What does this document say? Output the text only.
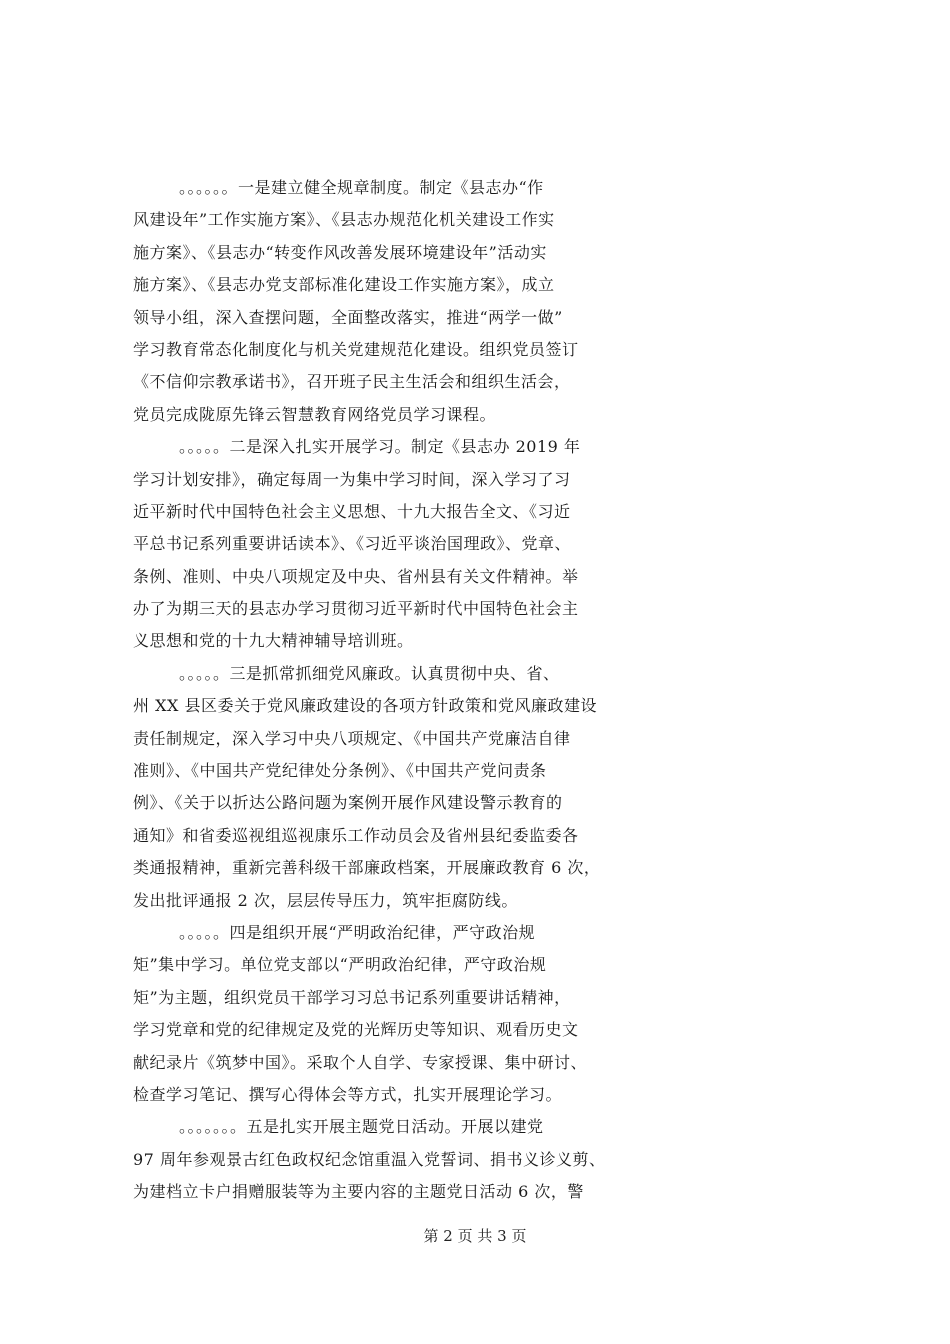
。。。。。。一是建立健全规章制度。制定《县志办“作
风建设年”工作实施方案》、《县志办规范化机关建设工作实
施方案》、《县志办“转变作风改善发展环境建设年”活动实
施方案》、《县志办党支部标准化建设工作实施方案》，成立
领导小组，深入查摆问题，全面整改落实，推进“两学一做”
学习教育常态化制度化与机关党建规范化建设。组织党员签订
《不信仰宗教承诺书》，召开班子民主生活会和组织生活会，
党员完成陇原先锋云智慧教育网络党员学习课程。
。。。。。二是深入扎实开展学习。制定《县志办 2019 年
学习计划安排》，确定每周一为集中学习时间，深入学习了习
近平新时代中国特色社会主义思想、十九大报告全文、《习近
平总书记系列重要讲话读本》、《习近平谈治国理政》、党章、
条例、准则、中央八项规定及中央、省州县有关文件精神。举
办了为期三天的县志办学习贯彻习近平新时代中国特色社会主
义思想和党的十九大精神辅导培训班。
。。。。。三是抓常抓细党风廉政。认真贯彻中央、省、
州 XX 县区委关于党风廉政建设的各项方针政策和党风廉政建设
责任制规定，深入学习中央八项规定、《中国共产党廉洁自律
准则》、《中国共产党纪律处分条例》、《中国共产党问责条
例》、《关于以折达公路问题为案例开展作风建设警示教育的
通知》和省委巡视组巡视康乐工作动员会及省州县纪委监委各
类通报精神，重新完善科级干部廉政档案，开展廉政教育 6 次，
发出批评通报 2 次，层层传导压力，筑牢拒腐防线。
。。。。。四是组织开展“严明政治纪律，严守政治规
矩”集中学习。单位党支部以“严明政治纪律，严守政治规
矩”为主题，组织党员干部学习习总书记系列重要讲话精神，
学习党章和党的纪律规定及党的光辉历史等知识、观看历史文
献纪录片《筑梦中国》。采取个人自学、专家授课、集中研讨、
检查学习笔记、撰写心得体会等方式，扎实开展理论学习。
。。。。。。。五是扎实开展主题党日活动。开展以建党
97 周年参观景古红色政权纪念馆重温入党誓词、捐书义诊义剪、
为建档立卡户捐赠服装等为主要内容的主题党日活动 6 次，警
第 2 页 共 3 页
